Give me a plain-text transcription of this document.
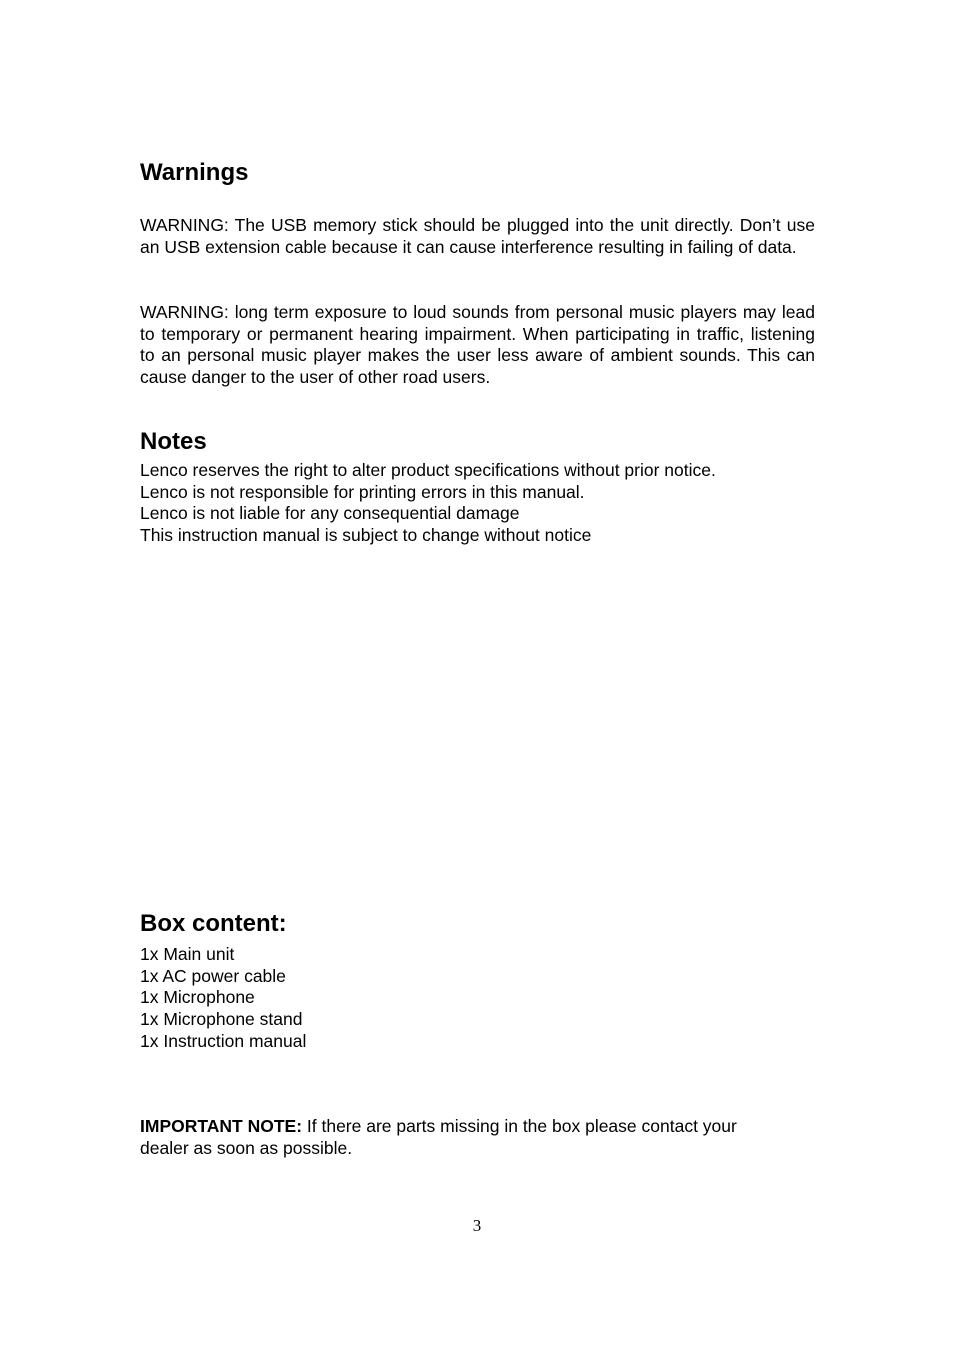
Warnings

WARNING: The USB memory stick should be plugged into the unit directly. Don’t use an USB extension cable because it can cause interference resulting in failing of data.

WARNING: long term exposure to loud sounds from personal music players may lead to temporary or permanent hearing impairment. When participating in traffic, listening to an personal music player makes the user less aware of ambient sounds. This can cause danger to the user of other road users.

Notes
Lenco reserves the right to alter product specifications without prior notice.
Lenco is not responsible for printing errors in this manual.
Lenco is not liable for any consequential damage
This instruction manual is subject to change without notice
Box content:
1x Main unit
1x AC power cable
1x Microphone
1x Microphone stand
1x Instruction manual

IMPORTANT NOTE: If there are parts missing in the box please contact your dealer as soon as possible.

3
